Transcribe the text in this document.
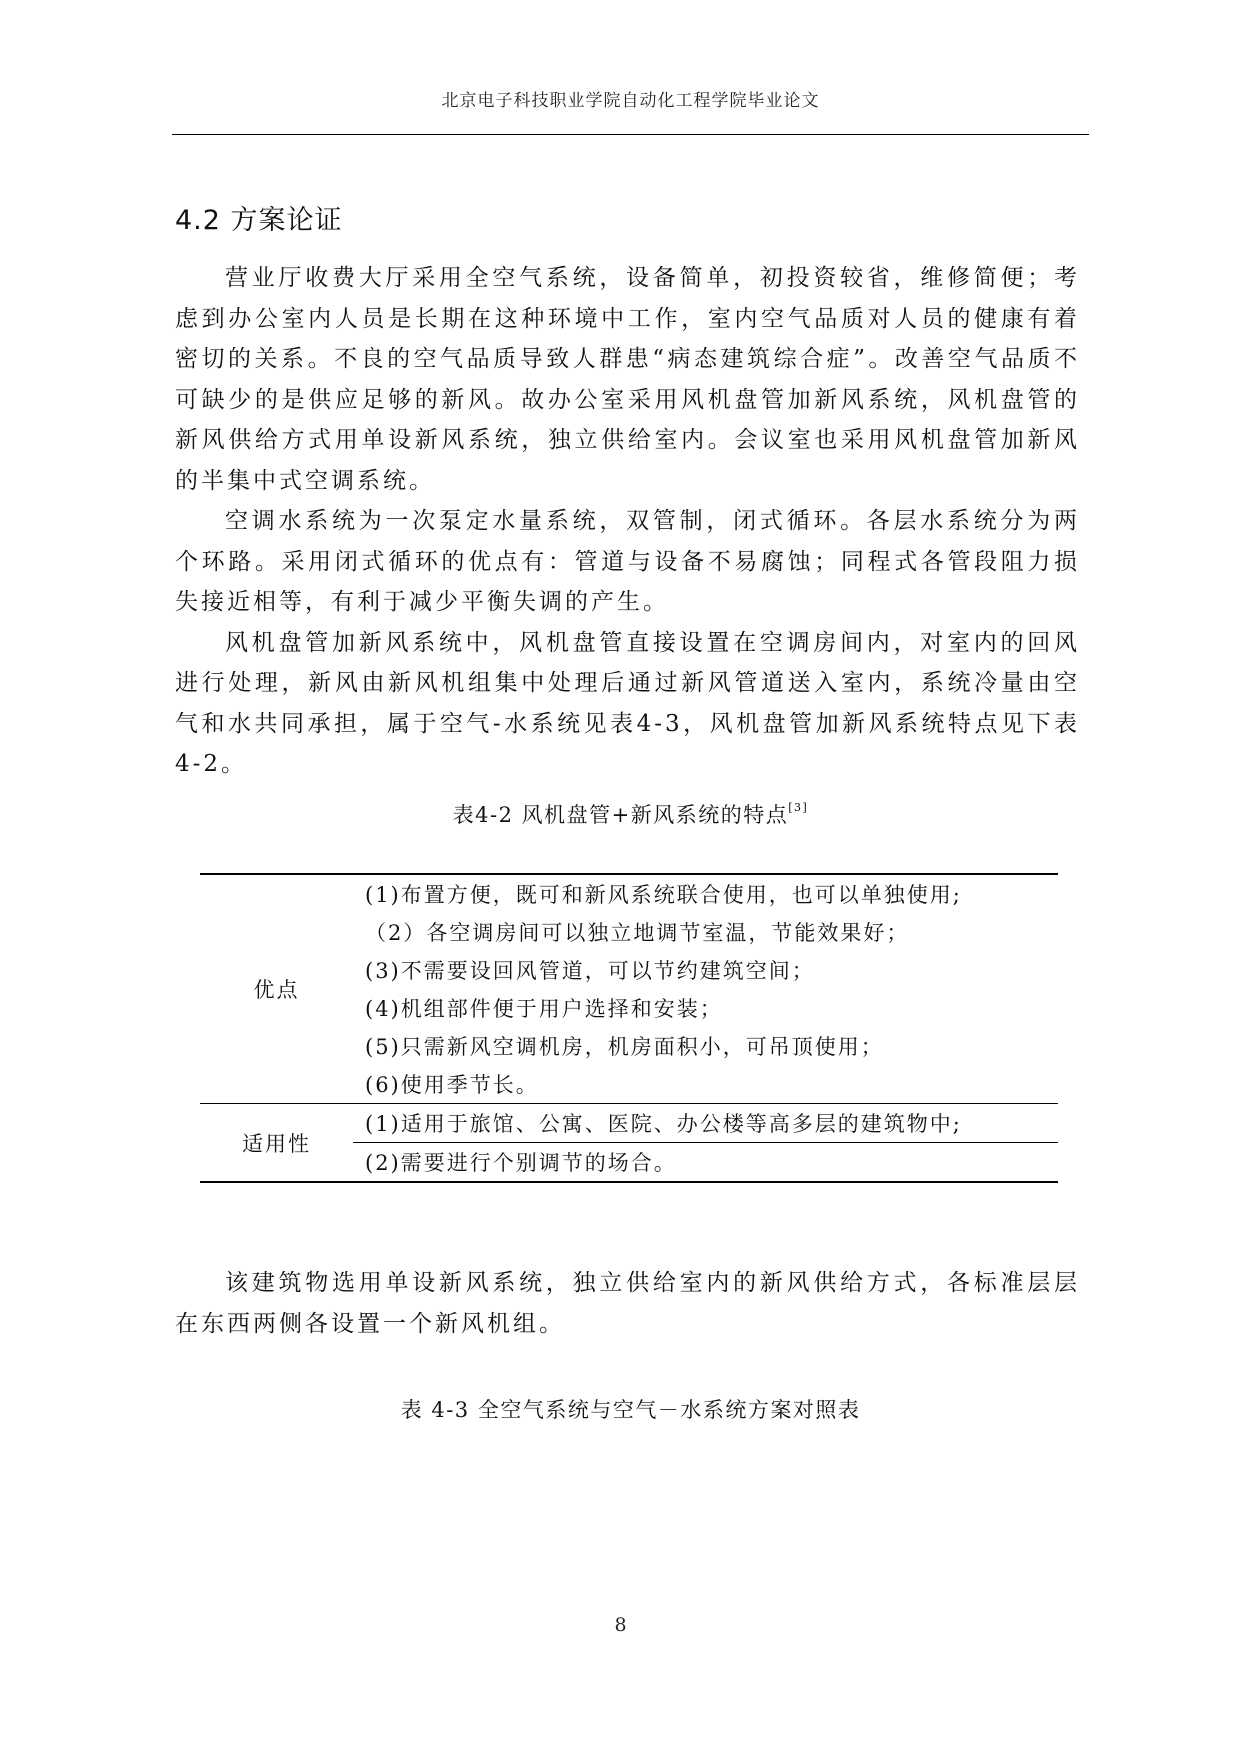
北京电子科技职业学院自动化工程学院毕业论文
4.2 方案论证

营业厅收费大厅采用全空气系统，设备简单，初投资较省，维修简便；考虑到办公室内人员是长期在这种环境中工作，室内空气品质对人员的健康有着密切的关系。不良的空气品质导致人群患“病态建筑综合症”。改善空气品质不可缺少的是供应足够的新风。故办公室采用风机盘管加新风系统，风机盘管的新风供给方式用单设新风系统，独立供给室内。会议室也采用风机盘管加新风的半集中式空调系统。

空调水系统为一次泵定水量系统，双管制，闭式循环。各层水系统分为两个环路。采用闭式循环的优点有：管道与设备不易腐蚀；同程式各管段阻力损失接近相等，有利于减少平衡失调的产生。

风机盘管加新风系统中，风机盘管直接设置在空调房间内，对室内的回风进行处理，新风由新风机组集中处理后通过新风管道送入室内，系统冷量由空气和水共同承担，属于空气-水系统见表4-3，风机盘管加新风系统特点见下表4-2。

表4-2 风机盘管+新风系统的特点[3]
优点	(1)布置方便，既可和新风系统联合使用，也可以单独使用;
	（2）各空调房间可以独立地调节室温，节能效果好；
	(3)不需要设回风管道，可以节约建筑空间；
	(4)机组部件便于用户选择和安装；
	(5)只需新风空调机房，机房面积小，可吊顶使用；
	(6)使用季节长。
适用性	(1)适用于旅馆、公寓、医院、办公楼等高多层的建筑物中;
	(2)需要进行个别调节的场合。

该建筑物选用单设新风系统，独立供给室内的新风供给方式，各标准层层在东西两侧各设置一个新风机组。

表 4-3 全空气系统与空气－水系统方案对照表
8
